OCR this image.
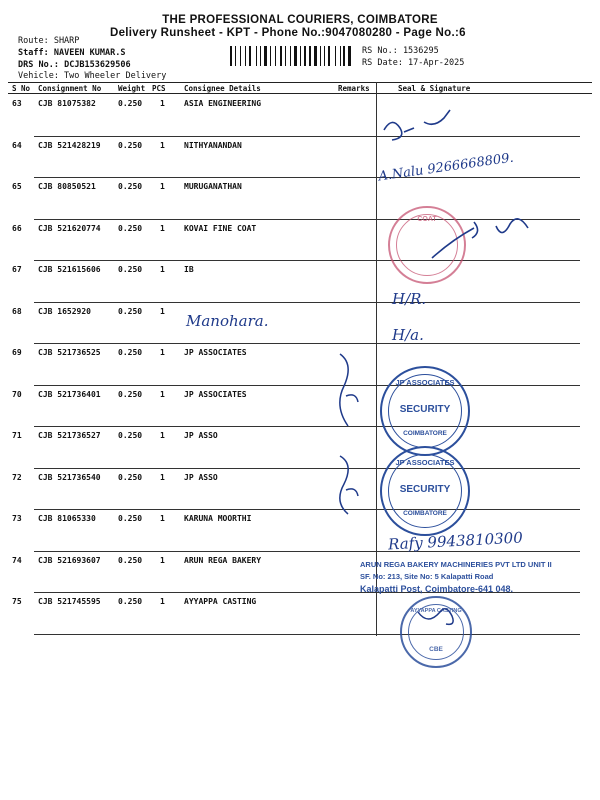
THE PROFESSIONAL COURIERS, COIMBATORE
Delivery Runsheet - KPT - Phone No.:9047080280 - Page No.:6
Route: SHARP
Staff: NAVEEN KUMAR.S
DRS No.: DCJB153629506
Vehicle: Two Wheeler Delivery
RS No.: 1536295
RS Date: 17-Apr-2025
S No Consignment No Weight PCS Consignee Details	Remarks	Seal & Signature
63 CJB 81075382	0.250 1 ASIA ENGINEERING
64 CJB 521428219 0.250 1 NITHYANANDAN
65 CJB 80850521	0.250 1 MURUGANATHAN
66 CJB 521620774 0.250 1 KOVAI FINE COAT
67 CJB 521615606 0.250 1 IB
68 CJB 1652920	0.250 1
69 CJB 521736525 0.250 1 JP ASSOCIATES
70 CJB 521736401 0.250 1 JP ASSOCIATES
71 CJB 521736527 0.250 1 JP ASSO
72 CJB 521736540 0.250 1 JP ASSO
73 CJB 81065330	0.250 1 KARUNA MOORTHI
74 CJB 521693607 0.250 1 ARUN REGA BAKERY
75 CJB 521745595 0.250 1 AYYAPPA CASTING
COAT
JP ASSOCIATES
SECURITY
COIMBATORE
JP ASSOCIATES
SECURITY
COIMBATORE
AYYAPPA CASTING
CBE
ARUN REGA BAKERY MACHINERIES PVT LTD UNIT II
SF. No: 213, Site No: 5 Kalapatti Road
Kalapatti Post, Coimbatore-641 048.
A.Nalu 9266668809.
Manohara.
H/R.
H/a.
Rafy 9943810300
